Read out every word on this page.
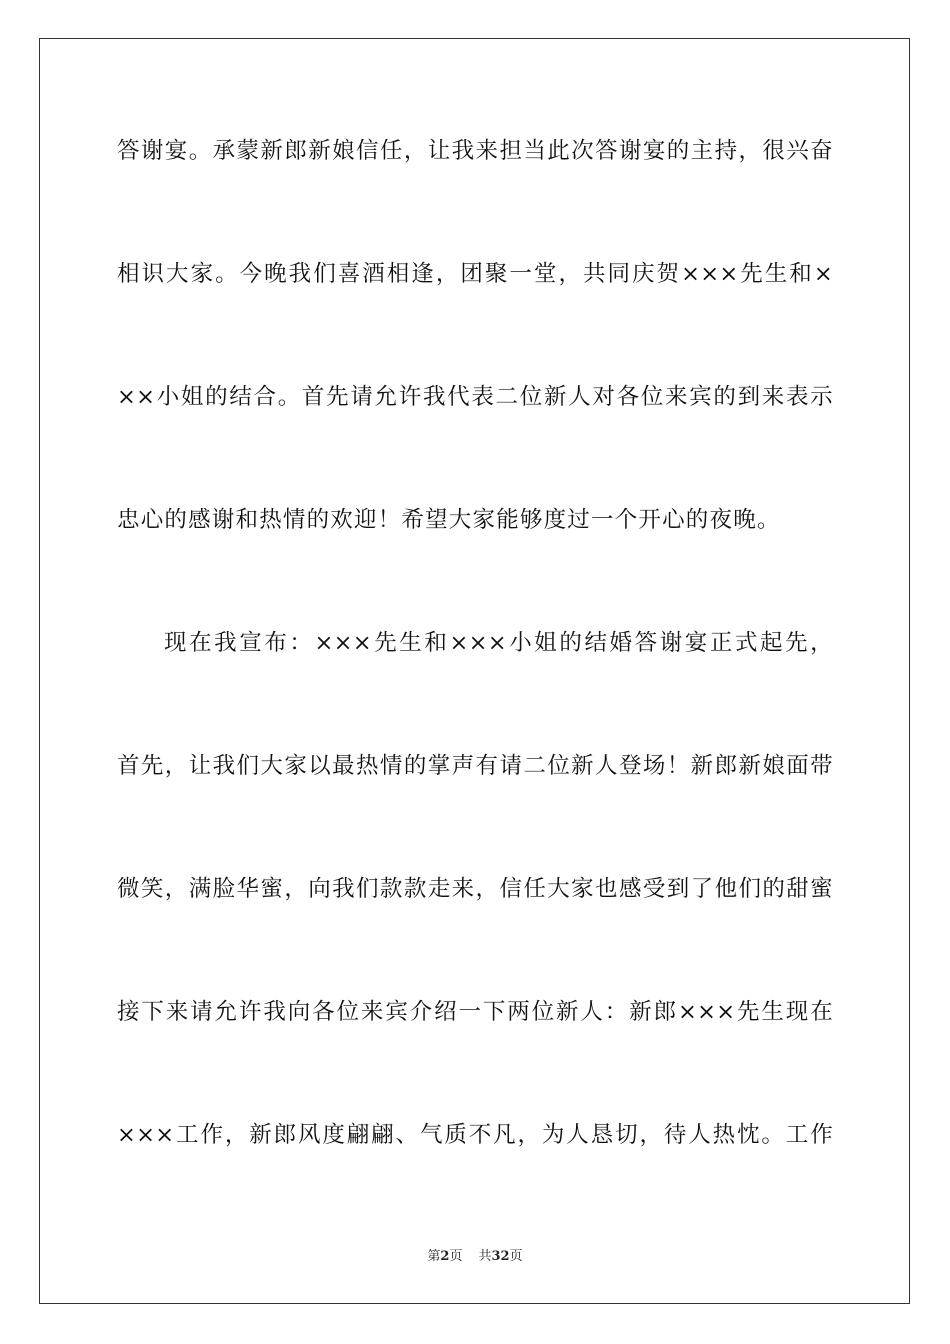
答谢宴。承蒙新郎新娘信任，让我来担当此次答谢宴的主持，很兴奋
相识大家。今晚我们喜酒相逢，团聚一堂，共同庆贺×××先生和×
××小姐的结合。首先请允许我代表二位新人对各位来宾的到来表示
忠心的感谢和热情的欢迎！希望大家能够度过一个开心的夜晚。
现在我宣布：×××先生和×××小姐的结婚答谢宴正式起先，
首先，让我们大家以最热情的掌声有请二位新人登场！新郎新娘面带
微笑，满脸华蜜，向我们款款走来，信任大家也感受到了他们的甜蜜
接下来请允许我向各位来宾介绍一下两位新人：新郎×××先生现在
×××工作，新郎风度翩翩、气质不凡，为人恳切，待人热忱。工作
第2页 共32页
